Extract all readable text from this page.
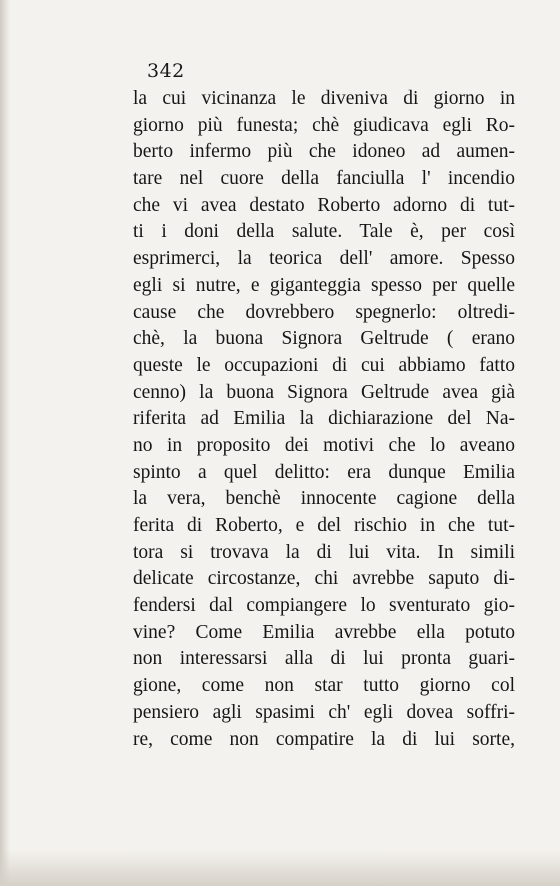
342
la cui vicinanza le diveniva di giorno in
giorno più funesta; chè giudicava egli Ro-
berto infermo più che idoneo ad aumen-
tare nel cuore della fanciulla l' incendio
che vi avea destato Roberto adorno di tut-
ti i doni della salute. Tale è, per così
esprimerci, la teorica dell' amore. Spesso
egli si nutre, e giganteggia spesso per quelle
cause che dovrebbero spegnerlo: oltredi-
chè, la buona Signora Geltrude ( erano
queste le occupazioni di cui abbiamo fatto
cenno) la buona Signora Geltrude avea già
riferita ad Emilia la dichiarazione del Na-
no in proposito dei motivi che lo aveano
spinto a quel delitto: era dunque Emilia
la vera, benchè innocente cagione della
ferita di Roberto, e del rischio in che tut-
tora si trovava la di lui vita. In simili
delicate circostanze, chi avrebbe saputo di-
fendersi dal compiangere lo sventurato gio-
vine? Come Emilia avrebbe ella potuto
non interessarsi alla di lui pronta guari-
gione, come non star tutto giorno col
pensiero agli spasimi ch' egli dovea soffri-
re, come non compatire la di lui sorte,
